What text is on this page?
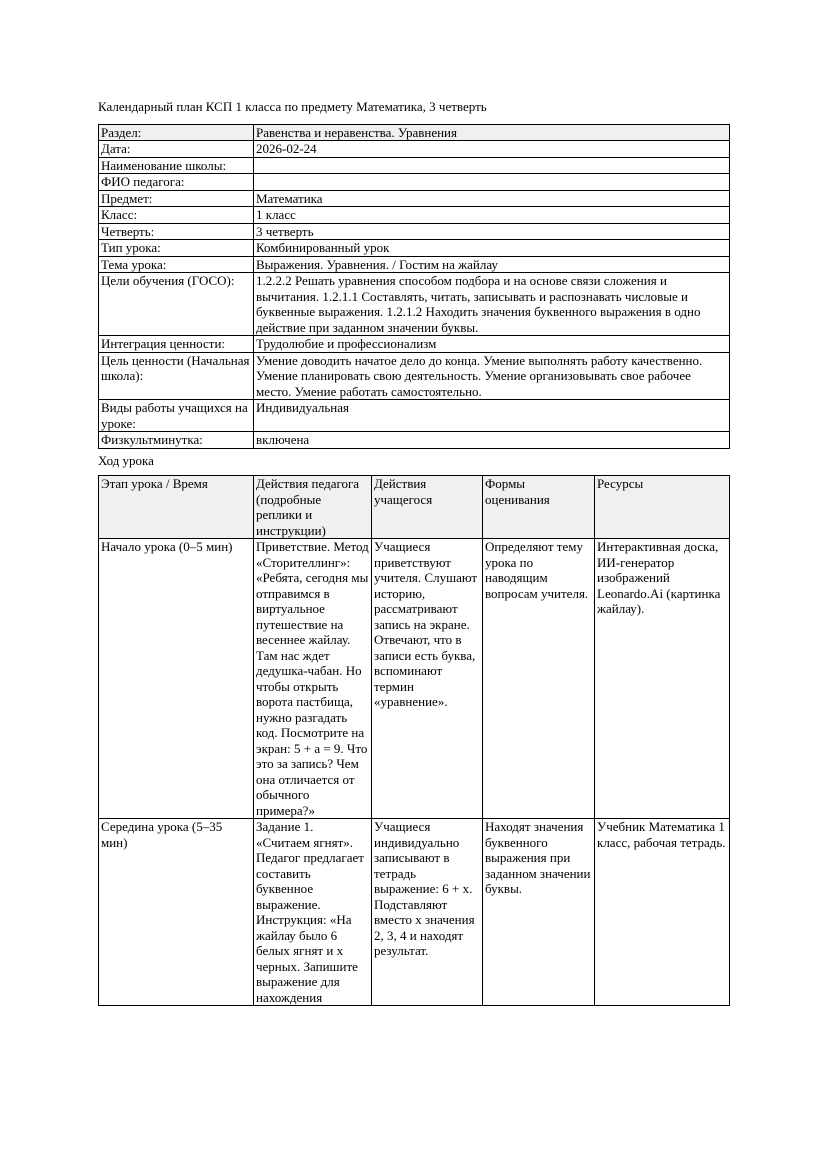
Календарный план КСП 1 класса по предмету Математика, 3 четверть

Раздел:	Равенства и неравенства. Уравнения
Дата:	2026-02-24
Наименование школы:	
ФИО педагога:	
Предмет:	Математика
Класс:	1 класс
Четверть:	3 четверть
Тип урока:	Комбинированный урок
Тема урока:	Выражения. Уравнения. / Гостим на жайлау
Цели обучения (ГОСО):	1.2.2.2 Решать уравнения способом подбора и на основе связи сложения и вычитания. 1.2.1.1 Составлять, читать, записывать и распознавать числовые и буквенные выражения. 1.2.1.2 Находить значения буквенного выражения в одно действие при заданном значении буквы.
Интеграция ценности:	Трудолюбие и профессионализм
Цель ценности (Начальная школа):	Умение доводить начатое дело до конца. Умение выполнять работу качественно. Умение планировать свою деятельность. Умение организовывать свое рабочее место. Умение работать самостоятельно.
Виды работы учащихся на уроке:	Индивидуальная
Физкультминутка:	включена

Ход урока

Этап урока / Время	Действия педагога (подробные реплики и инструкции)	Действия учащегося	Формы оценивания	Ресурсы
Начало урока (0–5 мин)	Приветствие. Метод «Сторителлинг»: «Ребята, сегодня мы отправимся в виртуальное путешествие на весеннее жайлау. Там нас ждет дедушка-чабан. Но чтобы открыть ворота пастбища, нужно разгадать код. Посмотрите на экран: 5 + а = 9. Что это за запись? Чем она отличается от обычного примера?»	Учащиеся приветствуют учителя. Слушают историю, рассматривают запись на экране. Отвечают, что в записи есть буква, вспоминают термин «уравнение».	Определяют тему урока по наводящим вопросам учителя.	Интерактивная доска, ИИ-генератор изображений Leonardo.Ai (картинка жайлау).
Середина урока (5–35 мин)	Задание 1. «Считаем ягнят». Педагог предлагает составить буквенное выражение. Инструкция: «На жайлау было 6 белых ягнят и х черных. Запишите выражение для нахождения	Учащиеся индивидуально записывают в тетрадь выражение: 6 + х. Подставляют вместо х значения 2, 3, 4 и находят результат.	Находят значения буквенного выражения при заданном значении буквы.	Учебник Математика 1 класс, рабочая тетрадь.
